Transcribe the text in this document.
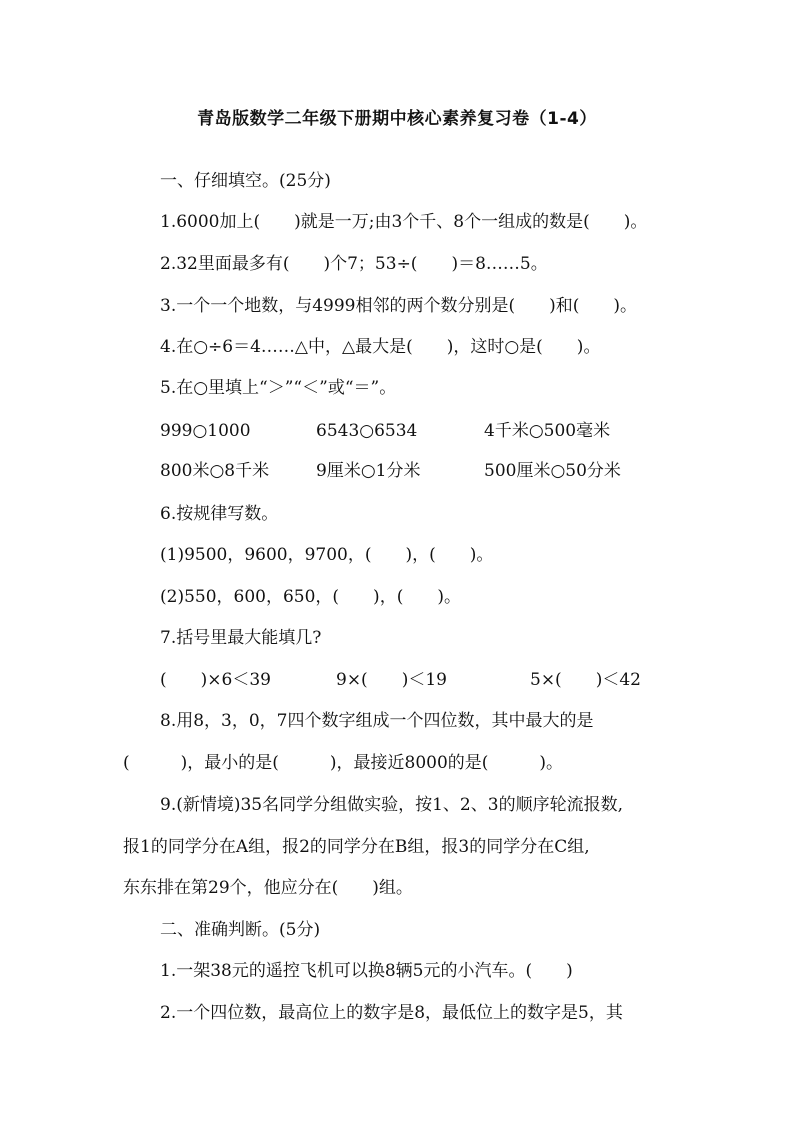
青岛版数学二年级下册期中核心素养复习卷（1-4）
一、仔细填空。(25分)
1.6000加上(　　)就是一万;由3个千、8个一组成的数是(　　)。
2.32里面最多有(　　)个7；53÷(　　)＝8……5。
3.一个一个地数，与4999相邻的两个数分别是(　　)和(　　)。
4.在○÷6＝4……△中，△最大是(　　)，这时○是(　　)。
5.在○里填上“＞”“＜”或“＝”。
999○1000	6543○6534	4千米○500毫米
800米○8千米	9厘米○1分米	500厘米○50分米
6.按规律写数。
(1)9500，9600，9700，(　　)，(　　)。
(2)550，600，650，(　　)，(　　)。
7.括号里最大能填几?
(　　)×6＜39	9×(　　)＜19	5×(　　)＜42
8.用8，3，0，7四个数字组成一个四位数，其中最大的是
(　　　)，最小的是(　　　)，最接近8000的是(　　　)。
9.(新情境)35名同学分组做实验，按1、2、3的顺序轮流报数,
报1的同学分在A组，报2的同学分在B组，报3的同学分在C组,
东东排在第29个，他应分在(　　)组。
二、准确判断。(5分)
1.一架38元的遥控飞机可以换8辆5元的小汽车。(　　)
2.一个四位数，最高位上的数字是8，最低位上的数字是5，其
